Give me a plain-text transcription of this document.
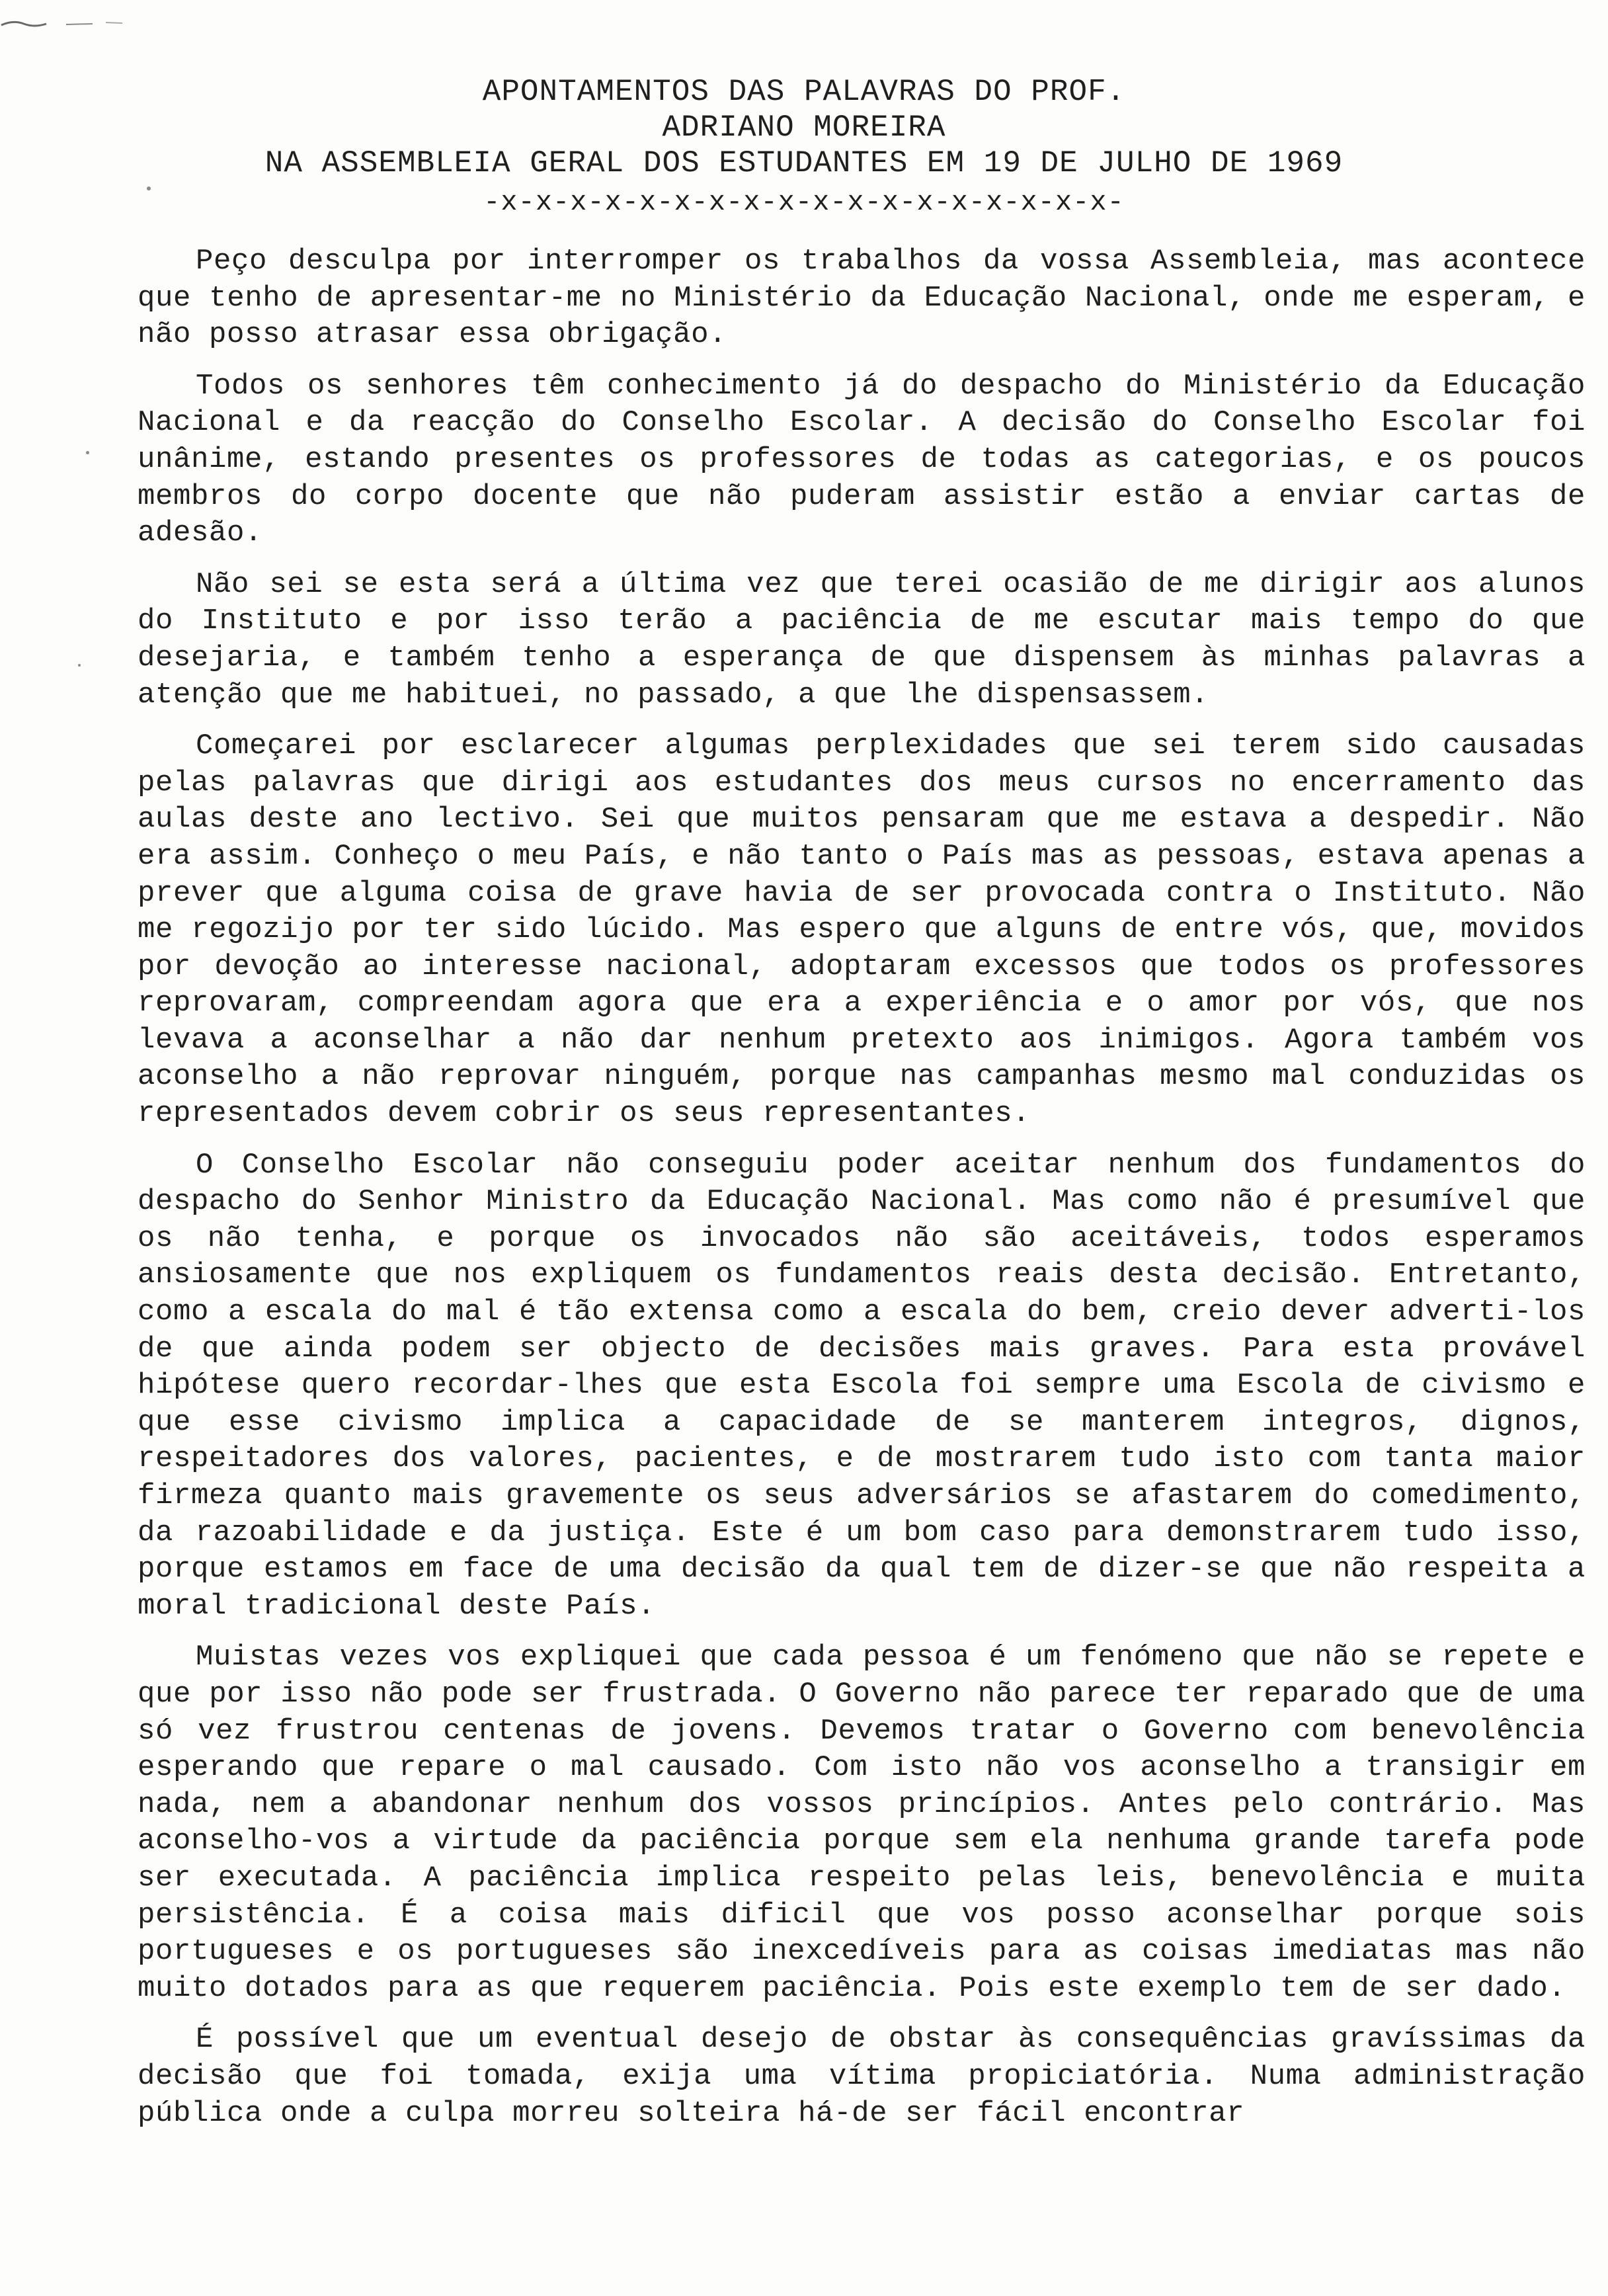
APONTAMENTOS DAS PALAVRAS DO PROF.
ADRIANO MOREIRA
NA ASSEMBLEIA GERAL DOS ESTUDANTES EM 19 DE JULHO DE 1969
-x-x-x-x-x-x-x-x-x-x-x-x-x-x-x-x-x-x-

Peço desculpa por interromper os trabalhos da vossa Assembleia, mas acontece que tenho de apresentar-me no Ministério da Educação Nacional, onde me esperam, e não posso atrasar essa obrigação.

Todos os senhores têm conhecimento já do despacho do Ministério da Educação Nacional e da reacção do Conselho Escolar. A decisão do Conselho Escolar foi unânime, estando presentes os professores de todas as categorias, e os poucos membros do corpo docente que não puderam assistir estão a enviar cartas de adesão.

Não sei se esta será a última vez que terei ocasião de me dirigir aos alunos do Instituto e por isso terão a paciência de me escutar mais tempo do que desejaria, e também tenho a esperança de que dispensem às minhas palavras a atenção que me habituei, no passado, a que lhe dispensassem.

Começarei por esclarecer algumas perplexidades que sei terem sido causadas pelas palavras que dirigi aos estudantes dos meus cursos no encerramento das aulas deste ano lectivo. Sei que muitos pensaram que me estava a despedir. Não era assim. Conheço o meu País, e não tanto o País mas as pessoas, estava apenas a prever que alguma coisa de grave havia de ser provocada contra o Instituto. Não me regozijo por ter sido lúcido. Mas espero que alguns de entre vós, que, movidos por devoção ao interesse nacional, adoptaram excessos que todos os professores reprovaram, compreendam agora que era a experiência e o amor por vós, que nos levava a aconselhar a não dar nenhum pretexto aos inimigos. Agora também vos aconselho a não reprovar ninguém, porque nas campanhas mesmo mal conduzidas os representados devem cobrir os seus representantes.

O Conselho Escolar não conseguiu poder aceitar nenhum dos fundamentos do despacho do Senhor Ministro da Educação Nacional. Mas como não é presumível que os não tenha, e porque os invocados não são aceitáveis, todos esperamos ansiosamente que nos expliquem os fundamentos reais desta decisão. Entretanto, como a escala do mal é tão extensa como a escala do bem, creio dever adverti-los de que ainda podem ser objecto de decisões mais graves. Para esta provável hipótese quero recordar-lhes que esta Escola foi sempre uma Escola de civismo e que esse civismo implica a capacidade de se manterem integros, dignos, respeitadores dos valores, pacientes, e de mostrarem tudo isto com tanta maior firmeza quanto mais gravemente os seus adversários se afastarem do comedimento, da razoabilidade e da justiça. Este é um bom caso para demonstrarem tudo isso, porque estamos em face de uma decisão da qual tem de dizer-se que não respeita a moral tradicional deste País.

Muistas vezes vos expliquei que cada pessoa é um fenómeno que não se repete e que por isso não pode ser frustrada. O Governo não parece ter reparado que de uma só vez frustrou centenas de jovens. Devemos tratar o Governo com benevolência esperando que repare o mal causado. Com isto não vos aconselho a transigir em nada, nem a abandonar nenhum dos vossos princípios. Antes pelo contrário. Mas aconselho-vos a virtude da paciência porque sem ela nenhuma grande tarefa pode ser executada. A paciência implica respeito pelas leis, benevolência e muita persistência. É a coisa mais dificil que vos posso aconselhar porque sois portugueses e os portugueses são inexcedíveis para as coisas imediatas mas não muito dotados para as que requerem paciência. Pois este exemplo tem de ser dado.

É possível que um eventual desejo de obstar às consequências gravíssimas da decisão que foi tomada, exija uma vítima propiciatória. Numa administração pública onde a culpa morreu solteira há-de ser fácil encontrar
